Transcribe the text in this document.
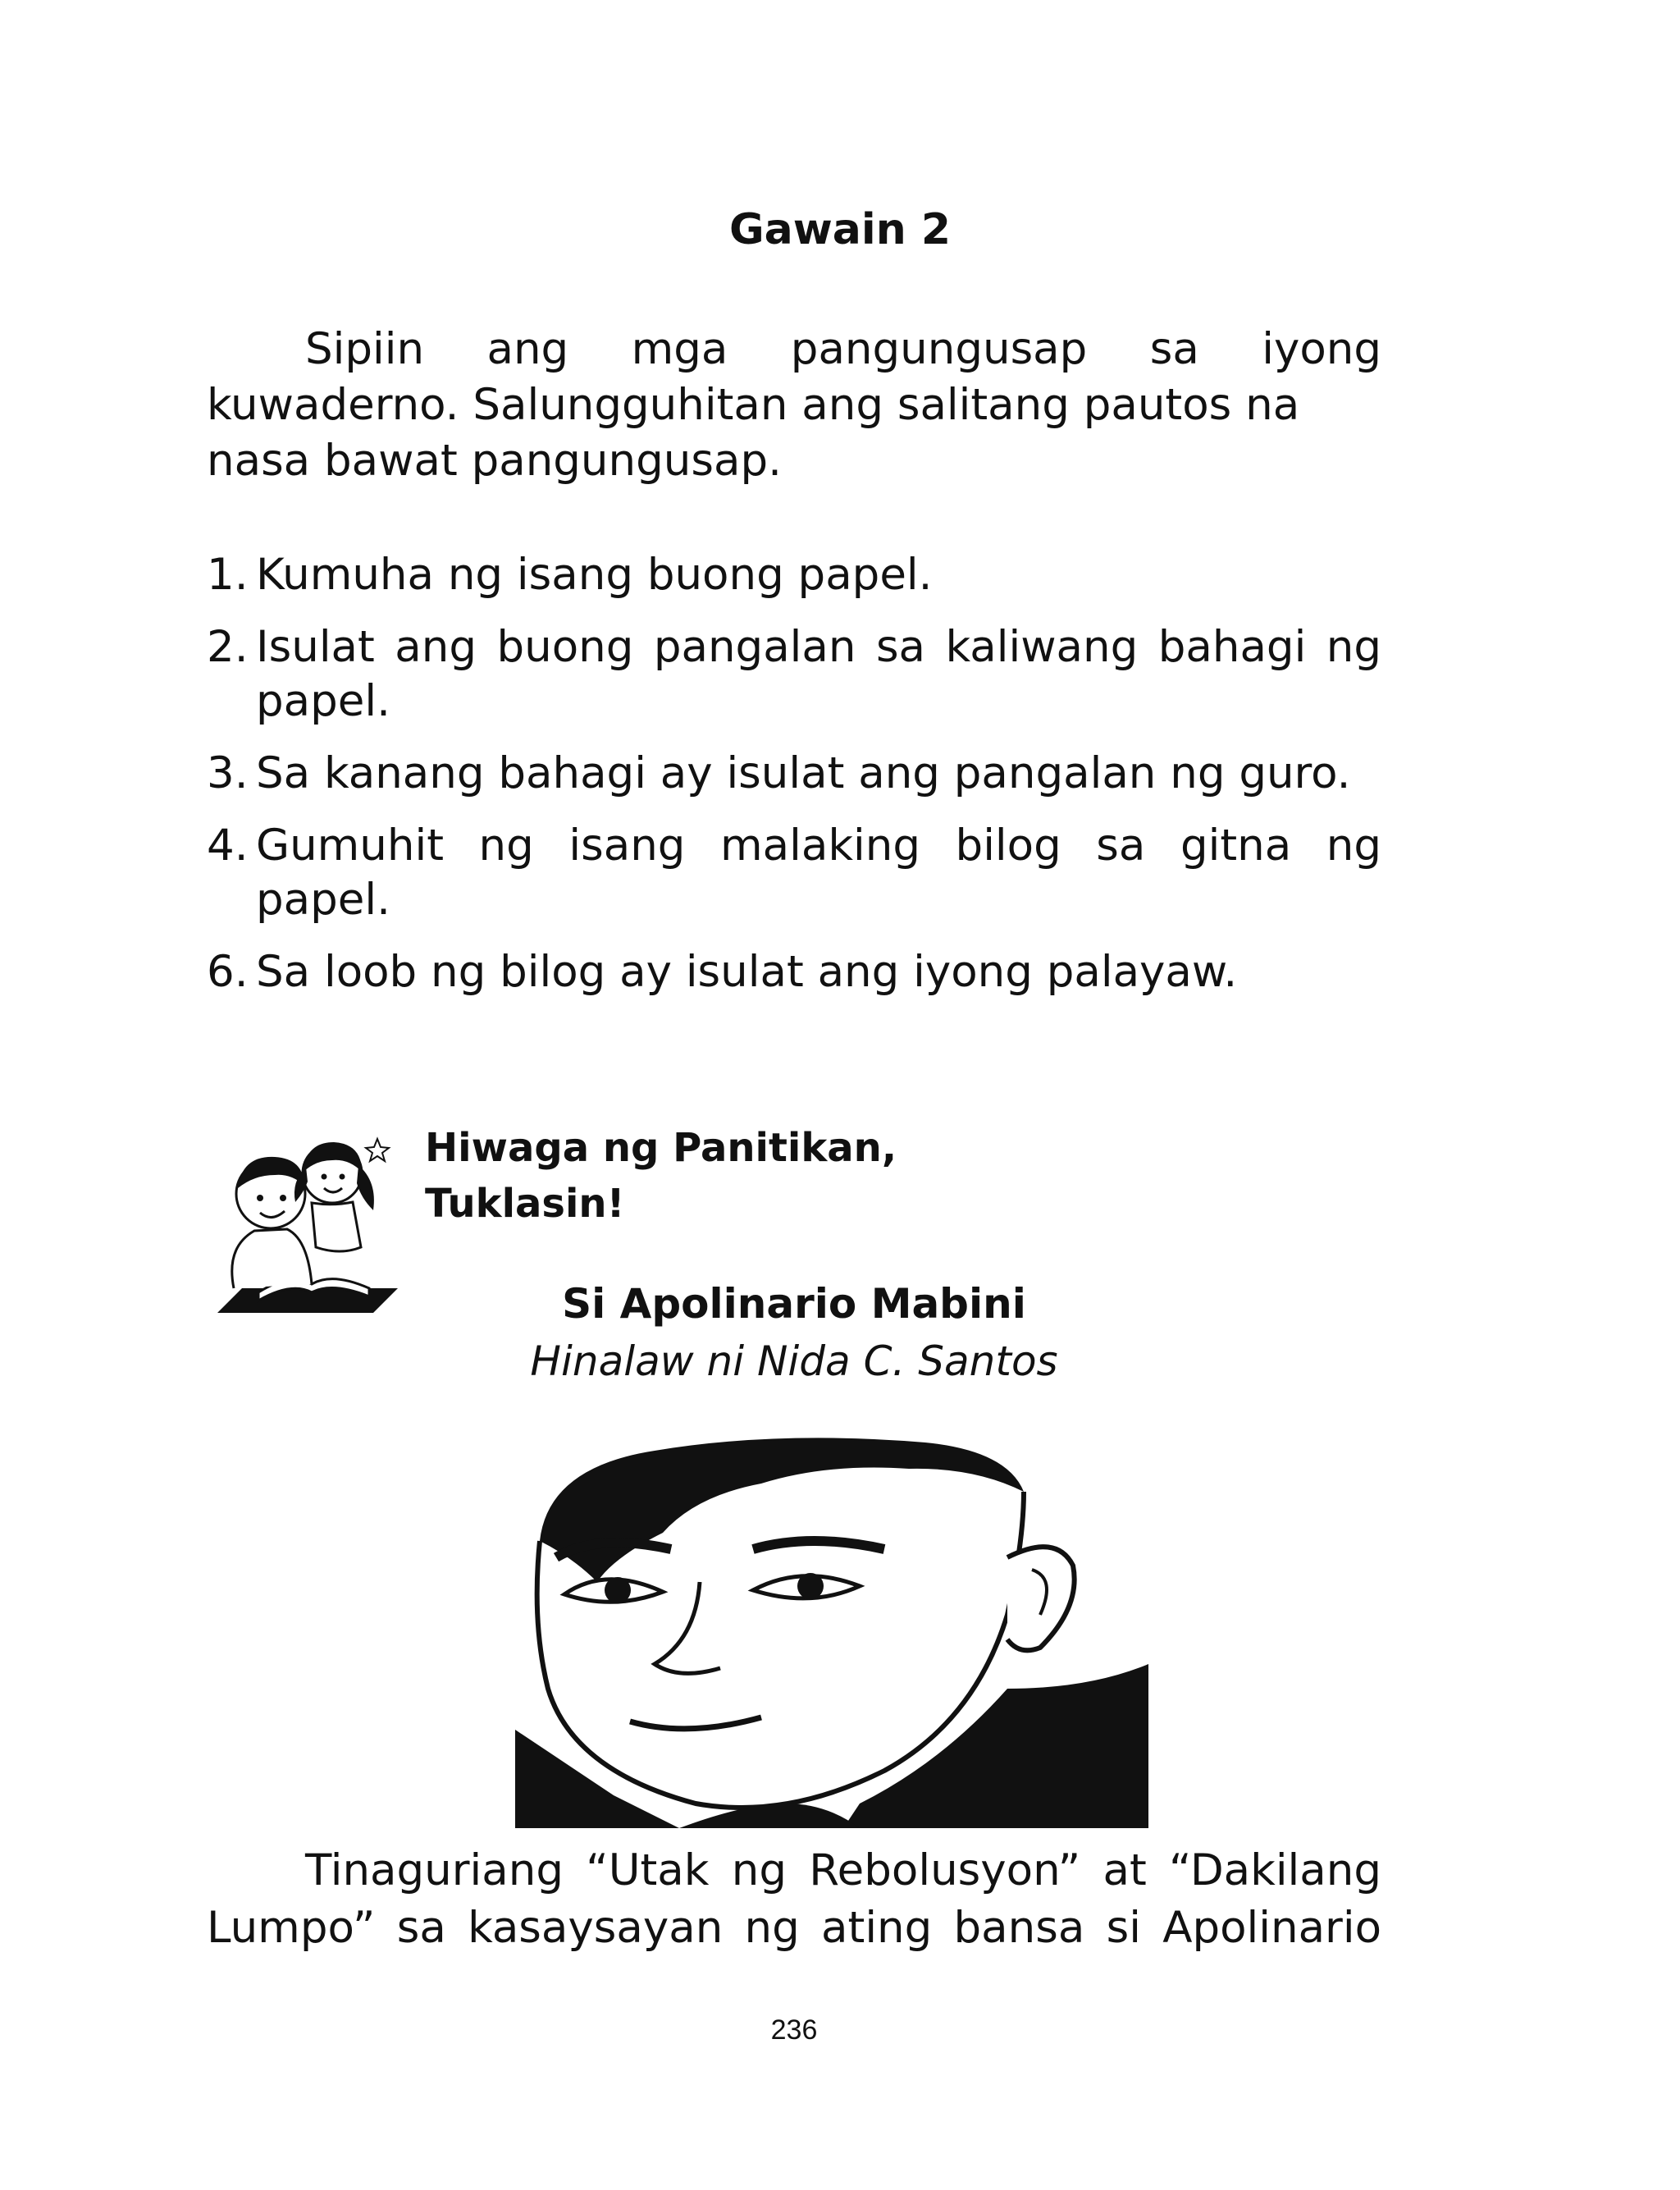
Gawain 2
Sipiin ang mga pangungusap sa iyong
kuwaderno. Salungguhitan ang salitang pautos na
nasa bawat pangungusap.
1. Kumuha ng isang buong papel.
2. Isulat ang buong pangalan sa kaliwang bahagi ng
papel.
3. Sa kanang bahagi ay isulat ang pangalan ng guro.
4. Gumuhit ng isang malaking bilog sa gitna ng
papel.
6. Sa loob ng bilog ay isulat ang iyong palayaw.
Hiwaga ng Panitikan,
Tuklasin!
Si Apolinario Mabini
Hinalaw ni Nida C. Santos
Tinaguriang “Utak ng Rebolusyon” at “Dakilang
Lumpo” sa kasaysayan ng ating bansa si Apolinario
236
